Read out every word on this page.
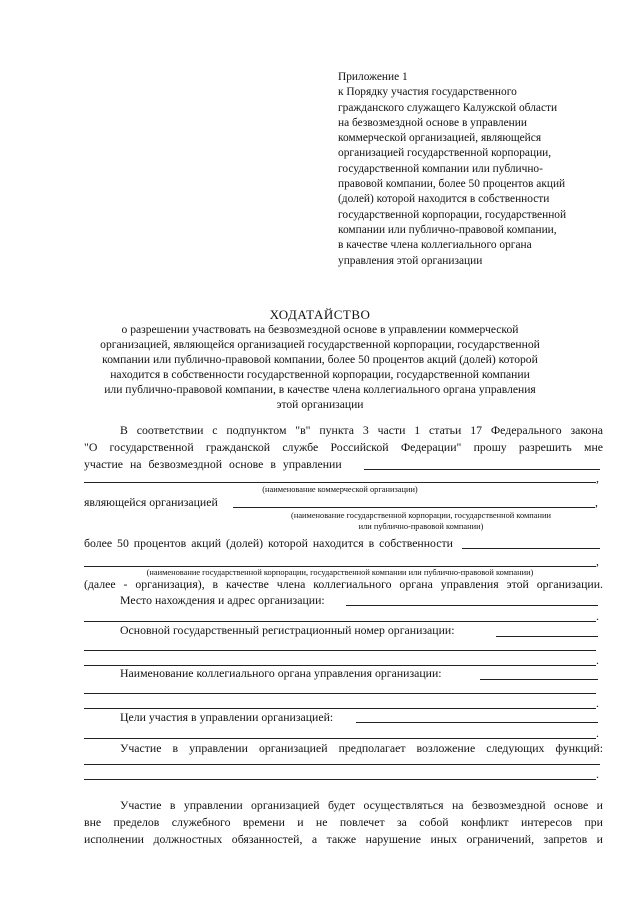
Приложение 1
к Порядку участия государственного
гражданского служащего Калужской области
на безвозмездной основе в управлении
коммерческой организацией, являющейся
организацией государственной корпорации,
государственной компании или публично-
правовой компании, более 50 процентов акций
(долей) которой находится в собственности
государственной корпорации, государственной
компании или публично-правовой компании,
в качестве члена коллегиального органа
управления этой организации
ХОДАТАЙСТВО
о разрешении участвовать на безвозмездной основе в управлении коммерческой
организацией, являющейся организацией государственной корпорации, государственной
компании или публично-правовой компании, более 50 процентов акций (долей) которой
находится в собственности государственной корпорации, государственной компании
или публично-правовой компании, в качестве члена коллегиального органа управления
этой организации
В соответствии с подпунктом "в" пункта 3 части 1 статьи 17 Федерального закона
"О государственной гражданской службе Российской Федерации" прошу разрешить мне
участие на безвозмездной основе в управлении
,
(наименование коммерческой организации)
являющейся организацией	,
(наименование государственной корпорации, государственной компании
или публично-правовой компании)
более 50 процентов акций (долей) которой находится в собственности
,
(наименование государственной корпорации, государственной компании или публично-правовой компании)
(далее - организация), в качестве члена коллегиального органа управления этой организации.
Место нахождения и адрес организации:
.
Основной государственный регистрационный номер организации:
.
Наименование коллегиального органа управления организации:
.
Цели участия в управлении организацией:
.
Участие в управлении организацией предполагает возложение следующих функций:
.
Участие в управлении организацией будет осуществляться на безвозмездной основе и
вне пределов служебного времени и не повлечет за собой конфликт интересов при
исполнении должностных обязанностей, а также нарушение иных ограничений, запретов и
